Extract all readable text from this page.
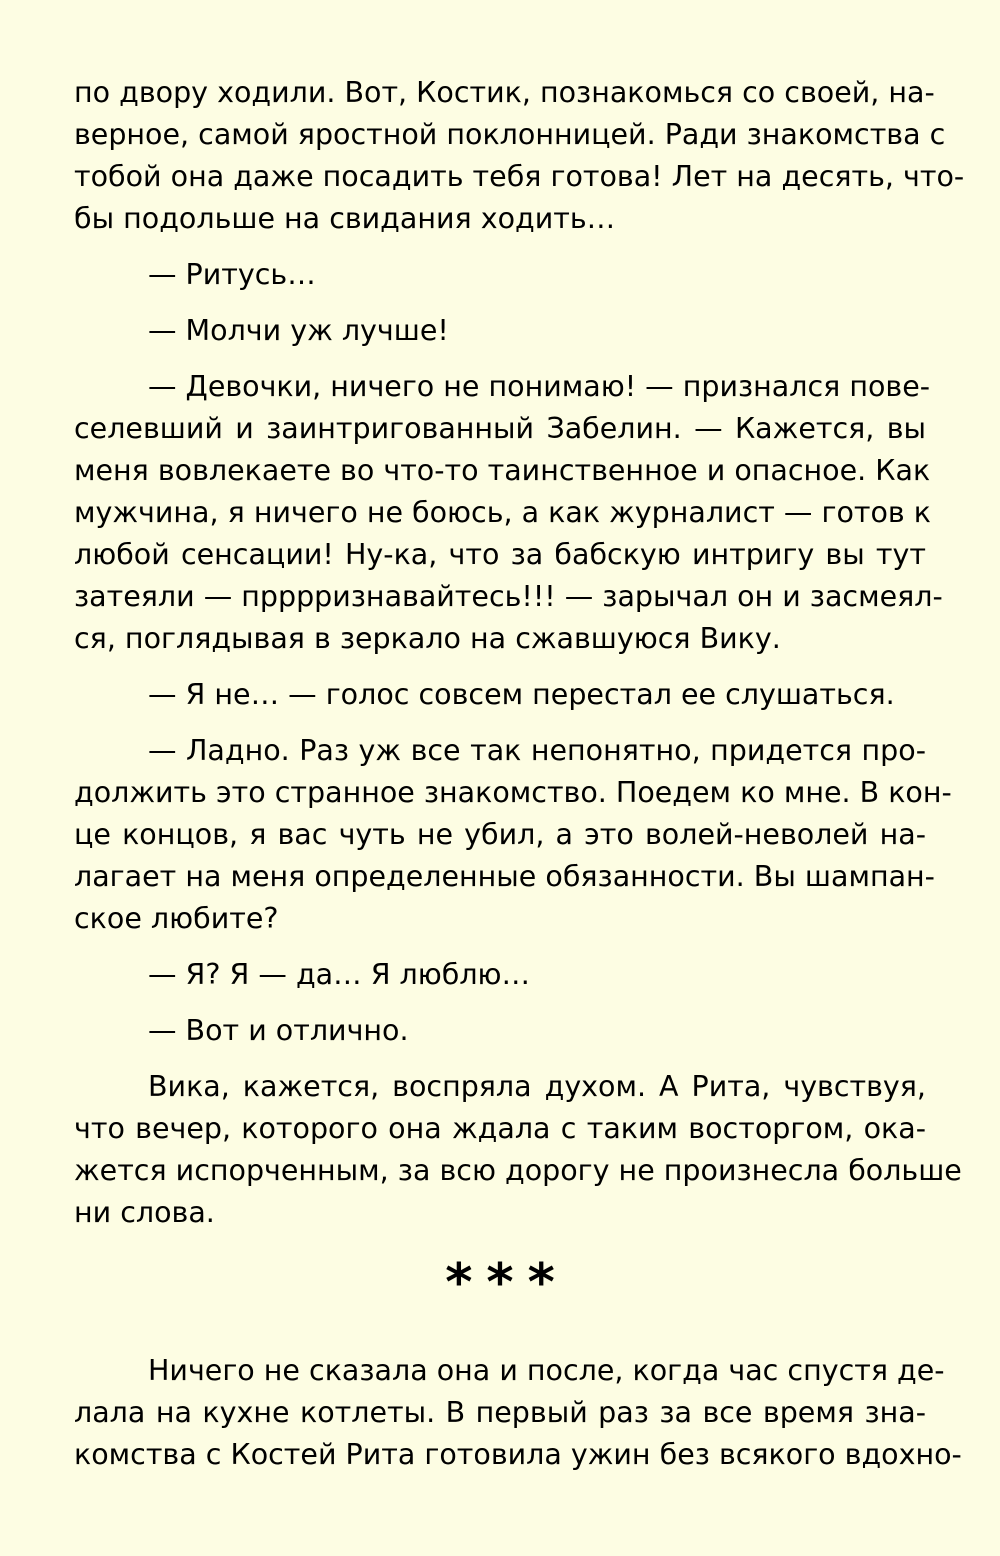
по двору ходили. Вот, Костик, познакомься со своей, на-
верное, самой яростной поклонницей. Ради знакомства с
тобой она даже посадить тебя готова! Лет на десять, что-
бы подольше на свидания ходить…
— Ритусь…
— Молчи уж лучше!
— Девочки, ничего не понимаю! — признался пове-
селевший и заинтригованный Забелин. — Кажется, вы
меня вовлекаете во что-то таинственное и опасное. Как
мужчина, я ничего не боюсь, а как журналист — готов к
любой сенсации! Ну-ка, что за бабскую интригу вы тут
затеяли — прррризнавайтесь!!! — зарычал он и засмеял-
ся, поглядывая в зеркало на сжавшуюся Вику.
— Я не… — голос совсем перестал ее слушаться.
— Ладно. Раз уж все так непонятно, придется про-
должить это странное знакомство. Поедем ко мне. В кон-
це концов, я вас чуть не убил, а это волей-неволей на-
лагает на меня определенные обязанности. Вы шампан-
ское любите?
— Я? Я — да… Я люблю…
— Вот и отлично.
Вика, кажется, воспряла духом. А Рита, чувствуя,
что вечер, которого она ждала с таким восторгом, ока-
жется испорченным, за всю дорогу не произнесла больше
ни слова.
***
Ничего не сказала она и после, когда час спустя де-
лала на кухне котлеты. В первый раз за все время зна-
комства с Костей Рита готовила ужин без всякого вдохно-
